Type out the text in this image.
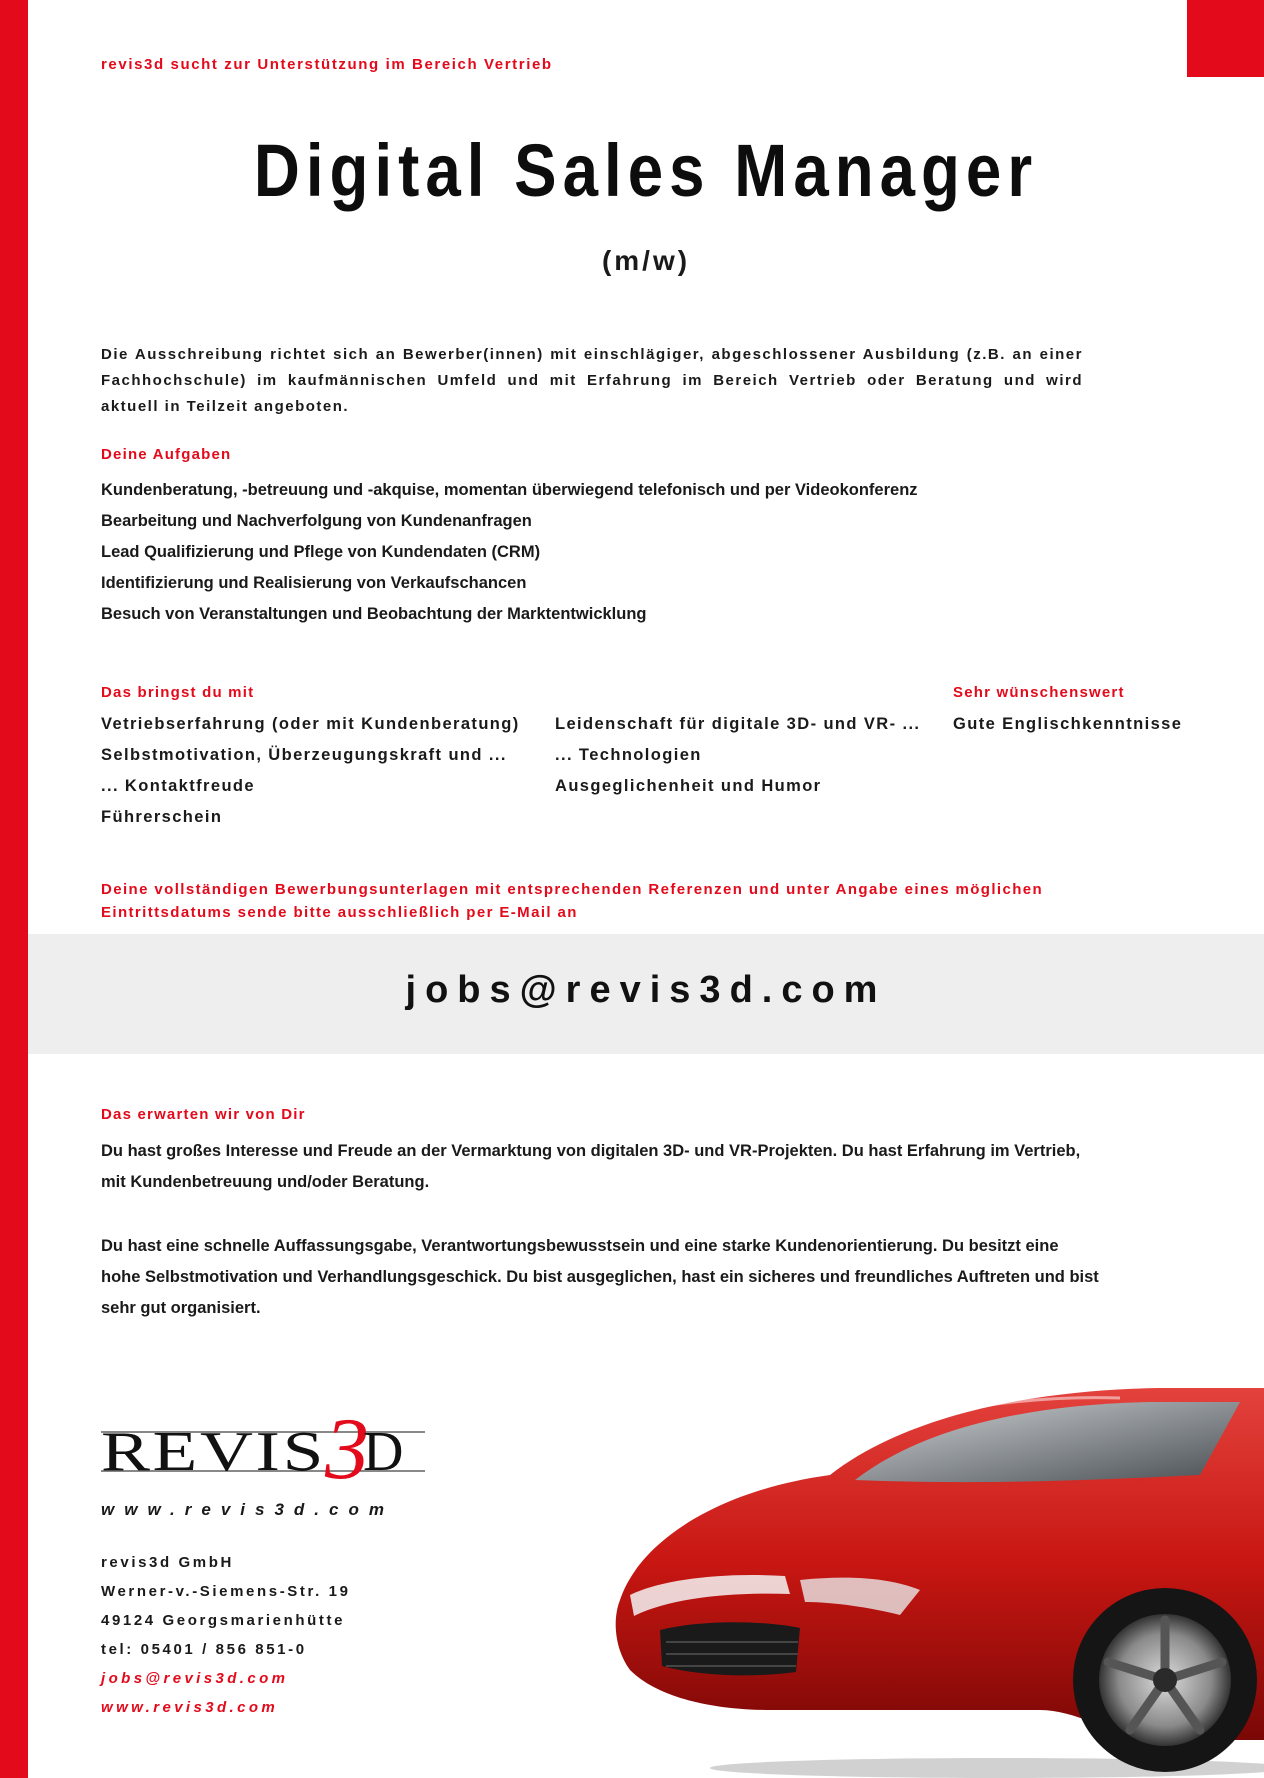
revis3d sucht zur Unterstützung im Bereich Vertrieb
Digital Sales Manager
(m/w)

Die Ausschreibung richtet sich an Bewerber(innen) mit einschlägiger, abgeschlossener Ausbildung (z.B. an einer Fachhochschule) im kaufmännischen Umfeld und mit Erfahrung im Bereich Vertrieb oder Beratung und wird aktuell in Teilzeit angeboten.

Deine Aufgaben
Kundenberatung, -betreuung und -akquise, momentan überwiegend telefonisch und per Videokonferenz
Bearbeitung und Nachverfolgung von Kundenanfragen
Lead Qualifizierung und Pflege von Kundendaten (CRM)
Identifizierung und Realisierung von Verkaufschancen
Besuch von Veranstaltungen und Beobachtung der Marktentwicklung
Das bringst du mit
Vetriebserfahrung (oder mit Kundenberatung)
Selbstmotivation, Überzeugungskraft und ...
... Kontaktfreude
Führerschein
Leidenschaft für digitale 3D- und VR- ...
... Technologien
Ausgeglichenheit und Humor
Sehr wünschenswert
Gute Englischkenntnisse

Deine vollständigen Bewerbungsunterlagen mit entsprechenden Referenzen und unter Angabe eines möglichen Eintrittsdatums sende bitte ausschließlich per E-Mail an

jobs@revis3d.com
Das erwarten wir von Dir

Du hast großes Interesse und Freude an der Vermarktung von digitalen 3D- und VR-Projekten. Du hast Erfahrung im Vertrieb, mit Kundenbetreuung und/oder Beratung.

Du hast eine schnelle Auffassungsgabe, Verantwortungsbewusstsein und eine starke Kundenorientierung. Du besitzt eine hohe Selbstmotivation und Verhandlungsgeschick. Du bist ausgeglichen, hast ein sicheres und freundliches Auftreten und bist sehr gut organisiert.

REVIS 3
D
www.revis3d.com
revis3d GmbH
Werner-v.-Siemens-Str. 19
49124 Georgsmarienhütte
tel: 05401 / 856 851-0
jobs@revis3d.com
www.revis3d.com
